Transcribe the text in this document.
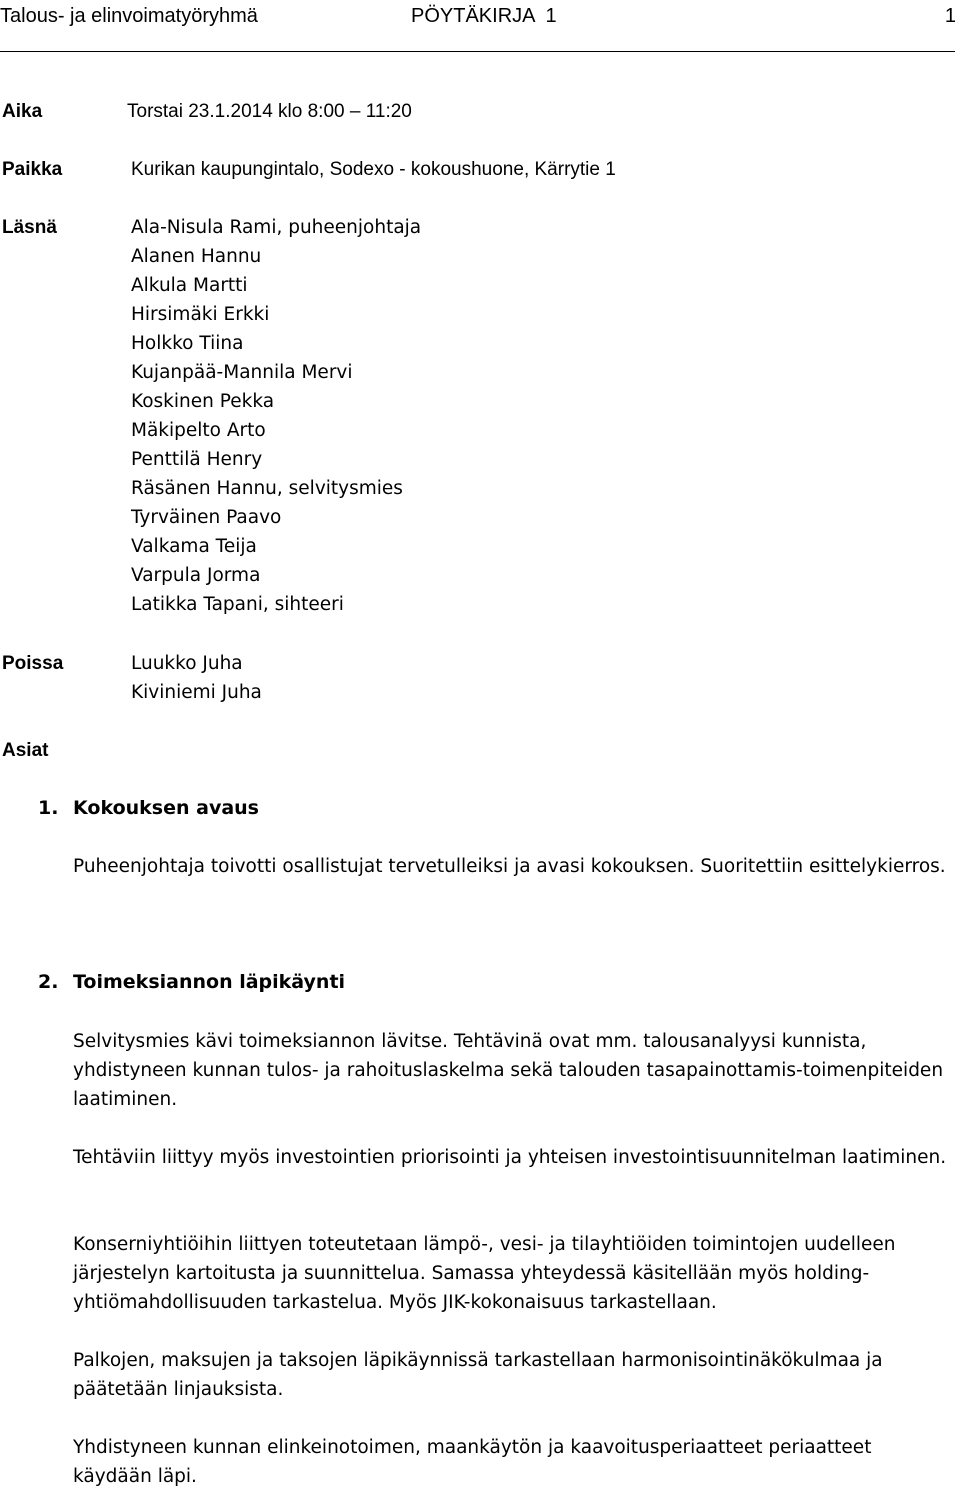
Talous- ja elinvoimatyöryhmä	PÖYTÄKIRJA  1	1
Aika	Torstai 23.1.2014 klo 8:00 – 11:20
Paikka	Kurikan kaupungintalo, Sodexo - kokoushuone, Kärrytie 1
Läsnä	Ala-Nisula Rami, puheenjohtaja
Alanen Hannu
Alkula Martti
Hirsimäki Erkki
Holkko Tiina
Kujanpää-Mannila Mervi
Koskinen Pekka
Mäkipelto Arto
Penttilä Henry
Räsänen Hannu, selvitysmies
Tyrväinen Paavo
Valkama Teija
Varpula Jorma
Latikka Tapani, sihteeri
Poissa	Luukko Juha
Kiviniemi Juha
Asiat
1. Kokouksen avaus

Puheenjohtaja toivotti osallistujat tervetulleiksi ja avasi kokouksen. Suoritettiin esittelykierros.

2. Toimeksiannon läpikäynti

Selvitysmies kävi toimeksiannon lävitse. Tehtävinä ovat mm. talousanalyysi kunnista, yhdistyneen kunnan tulos- ja rahoituslaskelma sekä talouden tasapainottamis-toimenpiteiden laatiminen.

Tehtäviin liittyy myös investointien priorisointi ja yhteisen investointisuunnitelman laatiminen.

Konserniyhtiöihin liittyen toteutetaan lämpö-, vesi- ja tilayhtiöiden toimintojen uudelleen järjestelyn kartoitusta ja suunnittelua. Samassa yhteydessä käsitellään myös holding-yhtiömahdollisuuden tarkastelua. Myös JIK-kokonaisuus tarkastellaan.

Palkojen, maksujen ja taksojen läpikäynnissä tarkastellaan harmonisointinäkökulmaa ja päätetään linjauksista.

Yhdistyneen kunnan elinkeinotoimen, maankäytön ja kaavoitusperiaatteet periaatteet käydään läpi.
